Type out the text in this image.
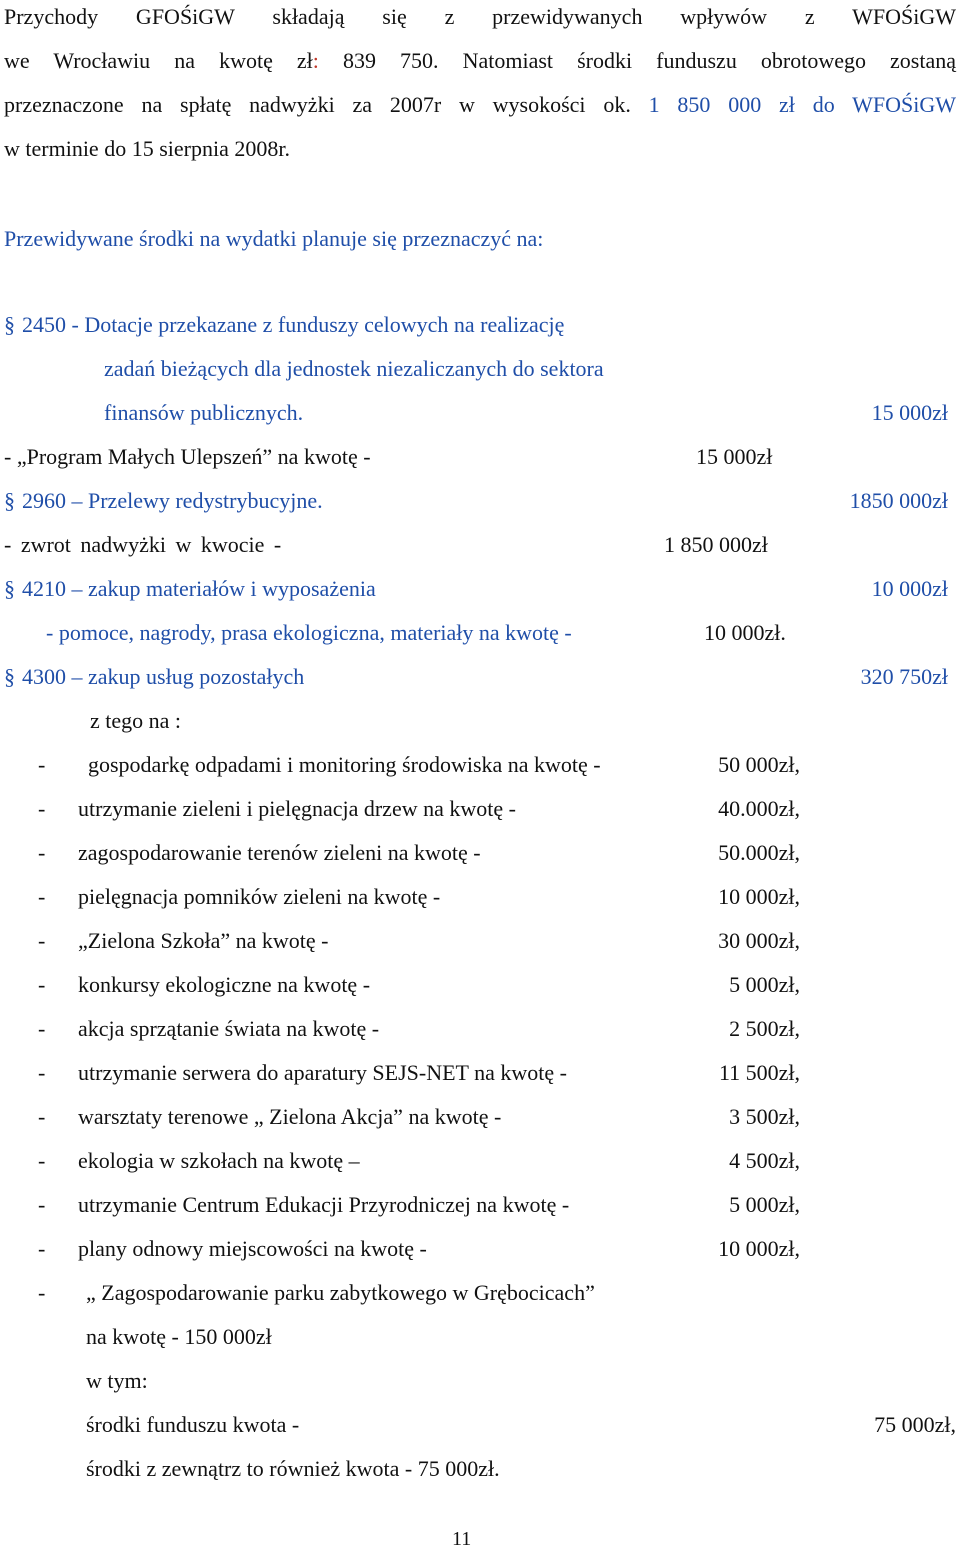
Przychody GFOŚiGW składają się z przewidywanych wpływów z WFOŚiGW
we Wrocławiu na kwotę zł: 839 750. Natomiast środki funduszu obrotowego zostaną
przeznaczone na spłatę nadwyżki za 2007r w wysokości ok. 1 850 000 zł do WFOŚiGW
w terminie do 15 sierpnia 2008r.
Przewidywane środki na wydatki planuje się przeznaczyć na:
§ 2450 - Dotacje przekazane z funduszy celowych na realizację
zadań bieżących dla jednostek niezaliczanych do sektora
finansów publicznych.	15 000zł
- „Program Małych Ulepszeń” na kwotę -	15 000zł
§ 2960 – Przelewy redystrybucyjne.	1850 000zł
- zwrot nadwyżki w kwocie -	1 850 000zł
§ 4210 – zakup materiałów i wyposażenia	10 000zł
- pomoce, nagrody, prasa ekologiczna, materiały na kwotę -	10 000zł.
§ 4300 – zakup usług pozostałych	320 750zł
z tego na :
- gospodarkę odpadami i monitoring środowiska na kwotę -	50 000zł,
- utrzymanie zieleni i pielęgnacja drzew na kwotę -	40.000zł,
- zagospodarowanie terenów zieleni na kwotę -	50.000zł,
- pielęgnacja pomników zieleni na kwotę -	10 000zł,
- „Zielona Szkoła” na kwotę -	30 000zł,
- konkursy ekologiczne na kwotę -	5 000zł,
- akcja sprzątanie świata na kwotę -	2 500zł,
- utrzymanie serwera do aparatury SEJS-NET na kwotę -	11 500zł,
- warsztaty terenowe „ Zielona Akcja” na kwotę -	3 500zł,
- ekologia w szkołach na kwotę –	4 500zł,
- utrzymanie Centrum Edukacji Przyrodniczej na kwotę -	5 000zł,
- plany odnowy miejscowości na kwotę -	10 000zł,
- „ Zagospodarowanie parku zabytkowego w Grębocicach”
na kwotę - 150 000zł
w tym:
środki funduszu kwota -	75 000zł,
środki z zewnątrz to również kwota - 75 000zł.
11
